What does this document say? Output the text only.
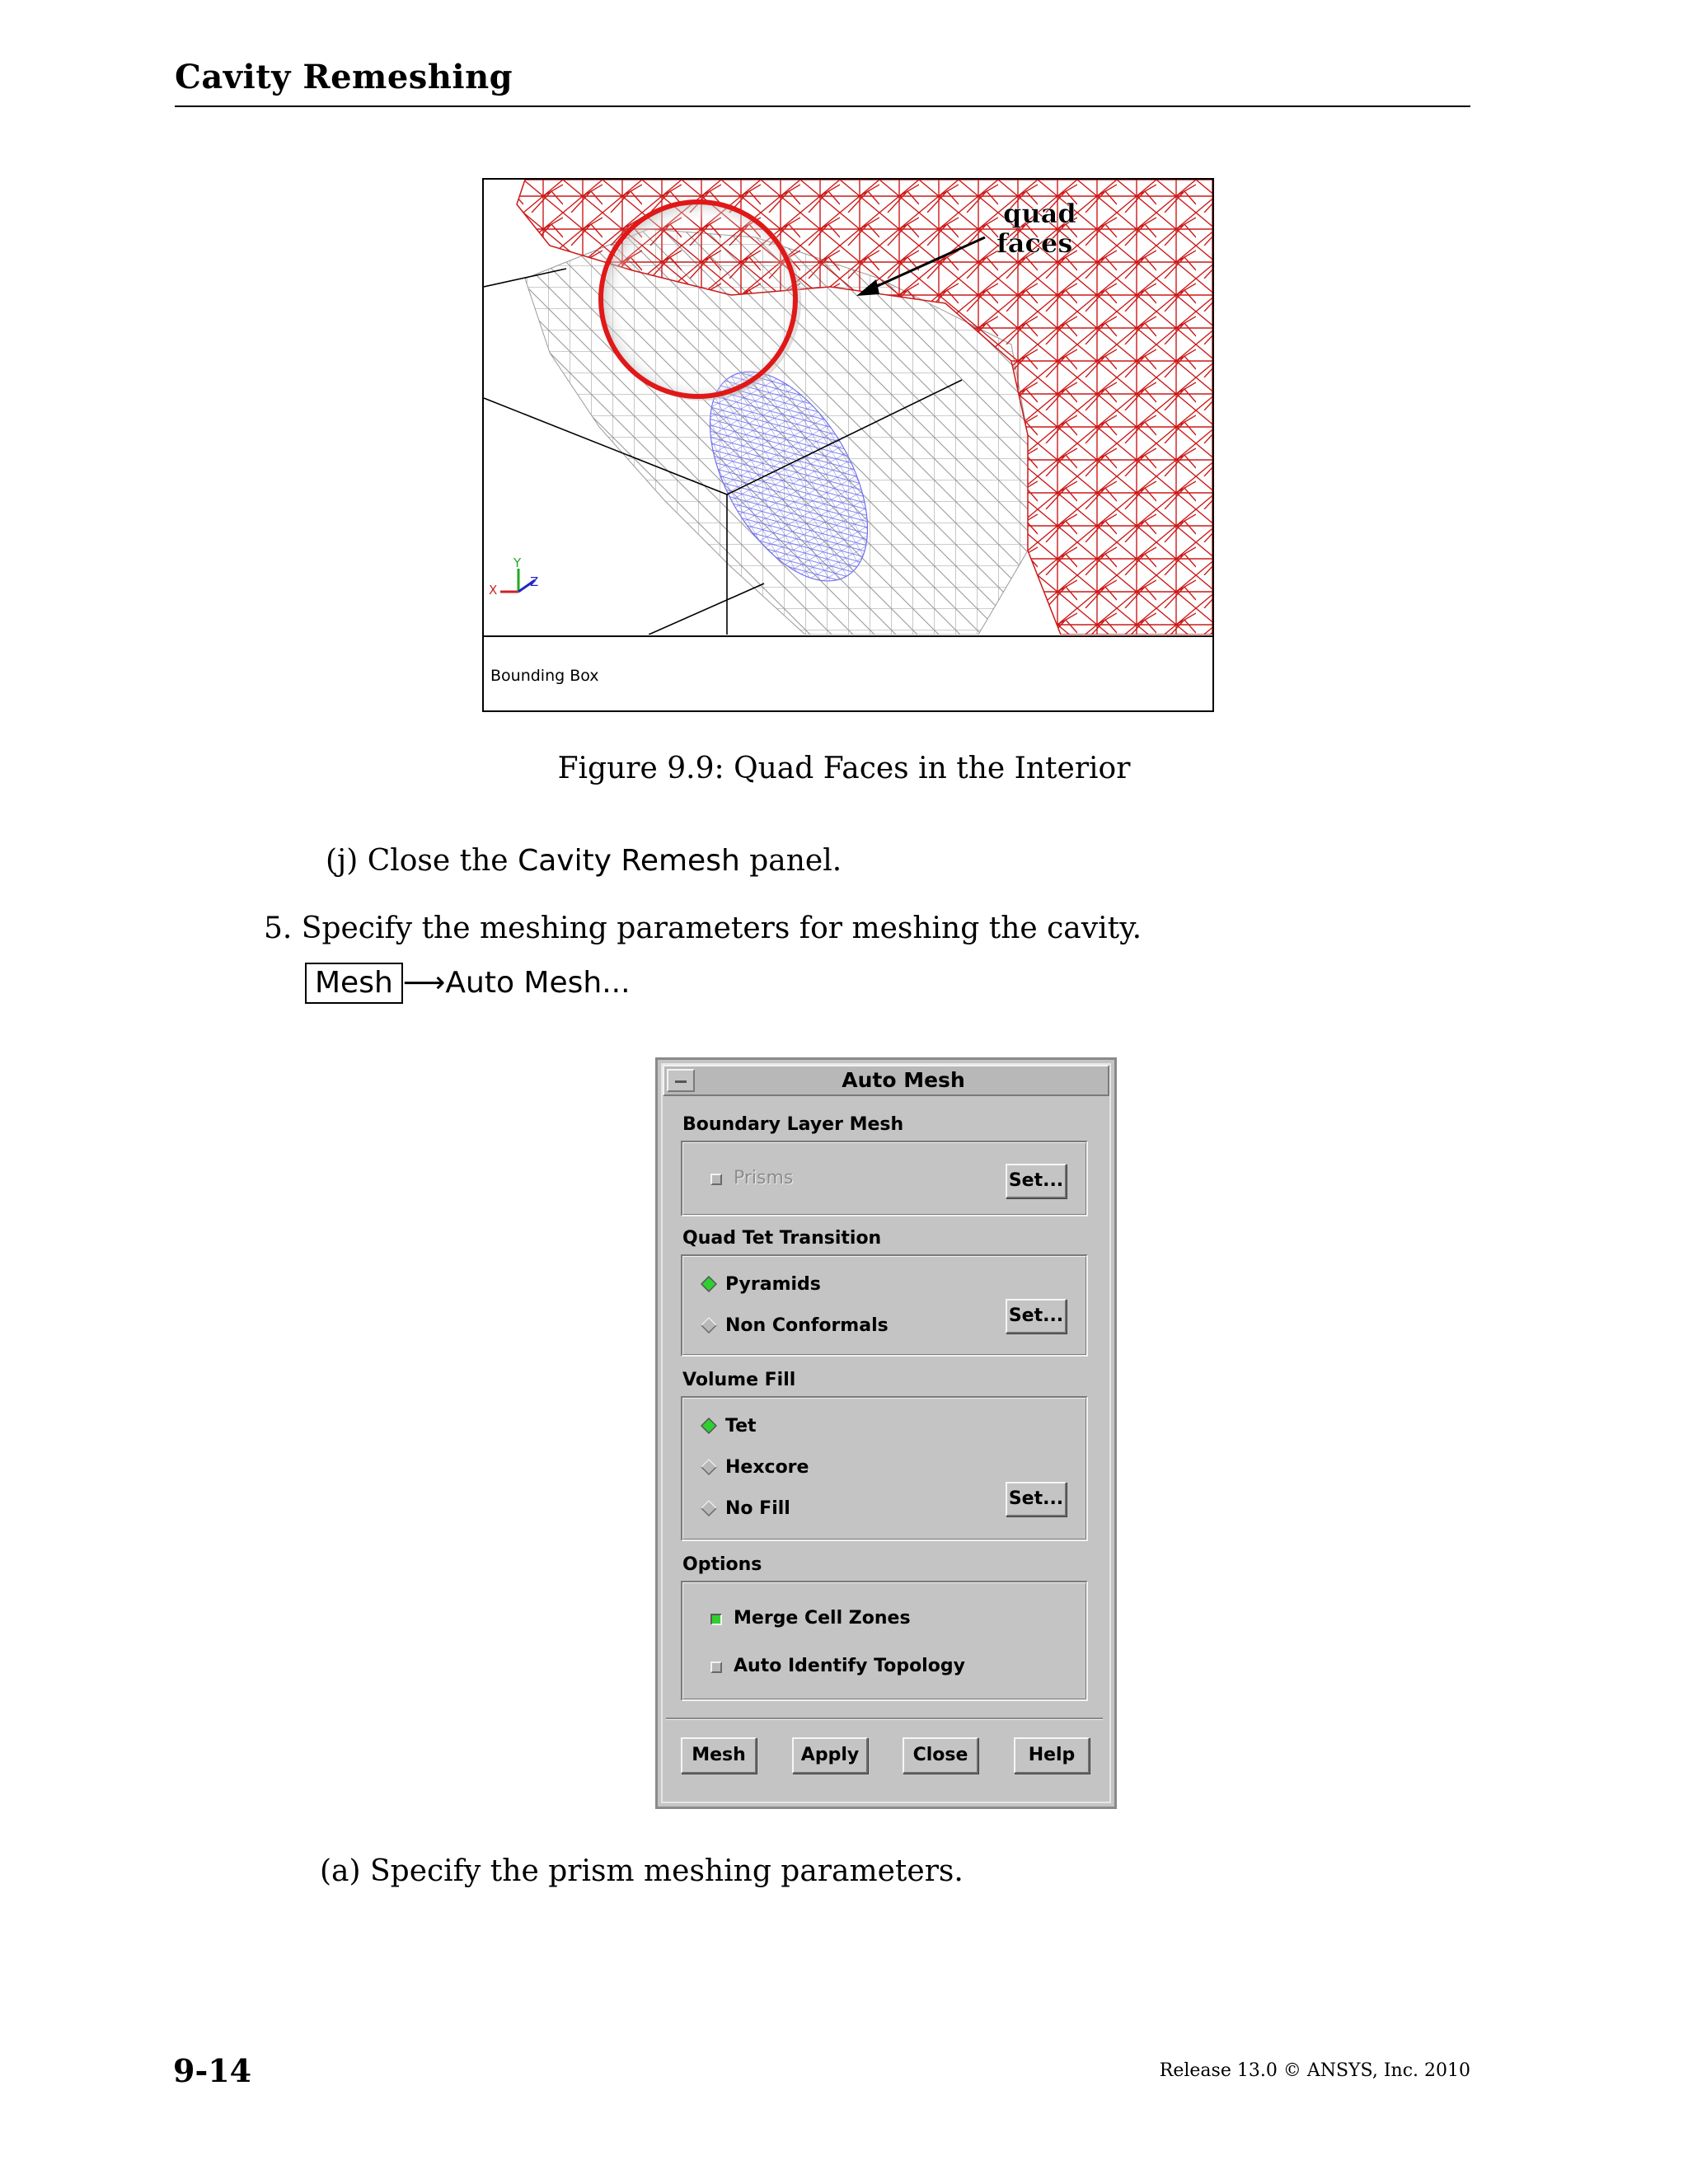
Cavity Remeshing
quad
faces
X
Y
Z
Bounding Box
Figure 9.9: Quad Faces in the Interior
(j) Close the Cavity Remesh panel.
5. Specify the meshing parameters for meshing the cavity.
Mesh ⟶Auto Mesh...
Auto Mesh
Boundary Layer Mesh
Prisms	Set...
Quad Tet Transition
Pyramids
Non Conformals	Set...
Volume Fill
Tet
Hexcore
No Fill	Set...
Options
Merge Cell Zones
Auto Identify Topology
Mesh	Apply	Close	Help
(a) Specify the prism meshing parameters.
9-14	Release 13.0 © ANSYS, Inc. 2010
